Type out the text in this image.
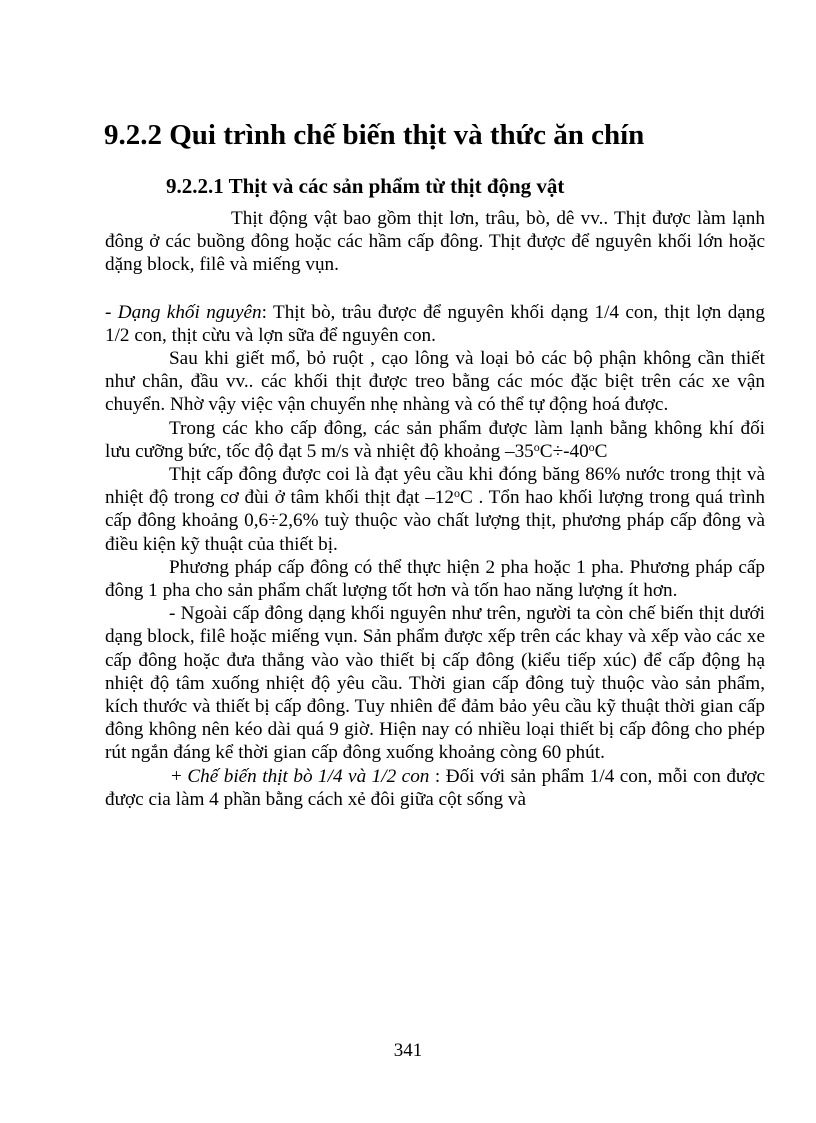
9.2.2 Qui trình chế biến thịt và thức ăn chín
9.2.2.1 Thịt và các sản phẩm từ thịt động vật

Thịt động vật bao gồm thịt lơn, trâu, bò, dê vv.. Thịt được làm lạnh đông ở các buồng đông hoặc các hầm cấp đông. Thịt được để nguyên khối lớn hoặc dặng block, filê và miếng vụn.

- Dạng khối nguyên: Thịt bò, trâu được để nguyên khối dạng 1/4 con, thịt lợn dạng 1/2 con, thịt cừu và lợn sữa để nguyên con.

Sau khi giết mổ, bỏ ruột , cạo lông và loại bỏ các bộ phận không cần thiết như chân, đầu vv.. các khối thịt được treo bằng các móc đặc biệt trên các xe vận chuyển. Nhờ vậy việc vận chuyển nhẹ nhàng và có thể tự động hoá được.

Trong các kho cấp đông, các sản phẩm được làm lạnh bằng không khí đối lưu cưỡng bức, tốc độ đạt 5 m/s và nhiệt độ khoảng $-35^oC\div-40^oC$

Thịt cấp đông được coi là đạt yêu cầu khi đóng băng 86% nước trong thịt và nhiệt độ trong cơ đùi ở tâm khối thịt đạt –12$^o$C . Tổn hao khối lượng trong quá trình cấp đông khoảng 0,6÷2,6% tuỳ thuộc vào chất lượng thịt, phương pháp cấp đông và điều kiện kỹ thuật của thiết bị.

Phương pháp cấp đông có thể thực hiện 2 pha hoặc 1 pha. Phương pháp cấp đông 1 pha cho sản phẩm chất lượng tốt hơn và tốn hao năng lượng ít hơn.

- Ngoài cấp đông dạng khối nguyên như trên, người ta còn chế biến thịt dưới dạng block, filê hoặc miếng vụn. Sản phẩm được xếp trên các khay và xếp vào các xe cấp đông hoặc đưa thẳng vào vào thiết bị cấp đông (kiểu tiếp xúc) để cấp động hạ nhiệt độ tâm xuống nhiệt độ yêu cầu. Thời gian cấp đông tuỳ thuộc vào sản phẩm, kích thước và thiết bị cấp đông. Tuy nhiên để đảm bảo yêu cầu kỹ thuật thời gian cấp đông không nên kéo dài quá 9 giờ. Hiện nay có nhiều loại thiết bị cấp đông cho phép rút ngắn đáng kể thời gian cấp đông xuống khoảng còng 60 phút.

+ Chế biến thịt bò 1/4 và 1/2 con : Đối với sản phẩm 1/4 con, mỗi con được được cia làm 4 phần bằng cách xẻ đôi giữa cột sống và

341
